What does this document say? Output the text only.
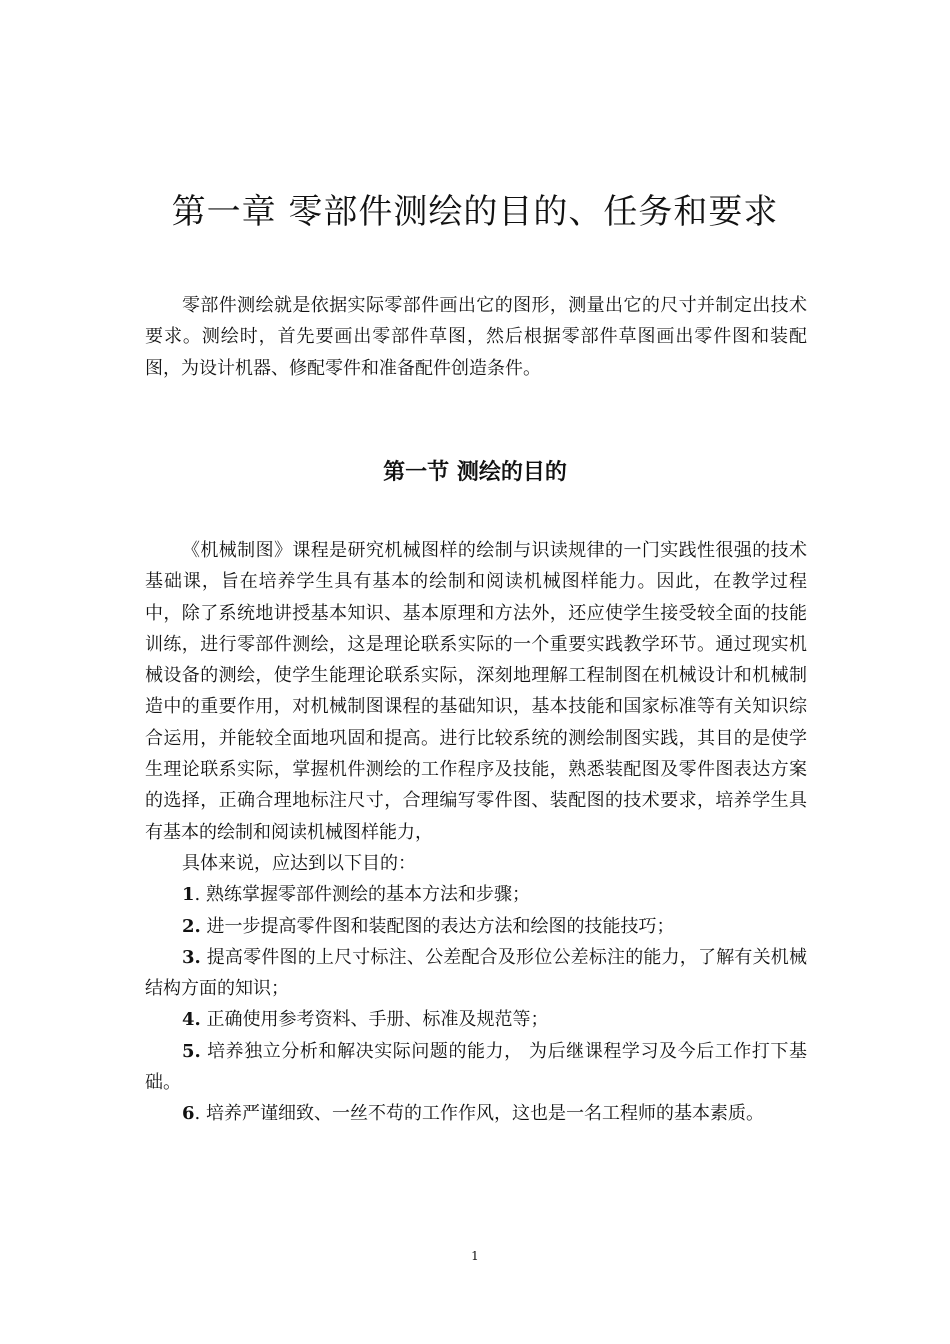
第一章 零部件测绘的目的、任务和要求

零部件测绘就是依据实际零部件画出它的图形，测量出它的尺寸并制定出技术要求。测绘时，首先要画出零部件草图，然后根据零部件草图画出零件图和装配图，为设计机器、修配零件和准备配件创造条件。

第一节 测绘的目的

《机械制图》课程是研究机械图样的绘制与识读规律的一门实践性很强的技术基础课，旨在培养学生具有基本的绘制和阅读机械图样能力。因此，在教学过程中，除了系统地讲授基本知识、基本原理和方法外，还应使学生接受较全面的技能训练，进行零部件测绘，这是理论联系实际的一个重要实践教学环节。通过现实机械设备的测绘，使学生能理论联系实际，深刻地理解工程制图在机械设计和机械制造中的重要作用，对机械制图课程的基础知识，基本技能和国家标准等有关知识综合运用，并能较全面地巩固和提高。进行比较系统的测绘制图实践，其目的是使学生理论联系实际，掌握机件测绘的工作程序及技能，熟悉装配图及零件图表达方案的选择，正确合理地标注尺寸，合理编写零件图、装配图的技术要求，培养学生具有基本的绘制和阅读机械图样能力，

具体来说，应达到以下目的：
1. 熟练掌握零部件测绘的基本方法和步骤；
2. 进一步提高零件图和装配图的表达方法和绘图的技能技巧；
3. 提高零件图的上尺寸标注、公差配合及形位公差标注的能力，了解有关机械结构方面的知识；
4. 正确使用参考资料、手册、标准及规范等；
5. 培养独立分析和解决实际问题的能力， 为后继课程学习及今后工作打下基础。
6. 培养严谨细致、一丝不苟的工作作风，这也是一名工程师的基本素质。
1
